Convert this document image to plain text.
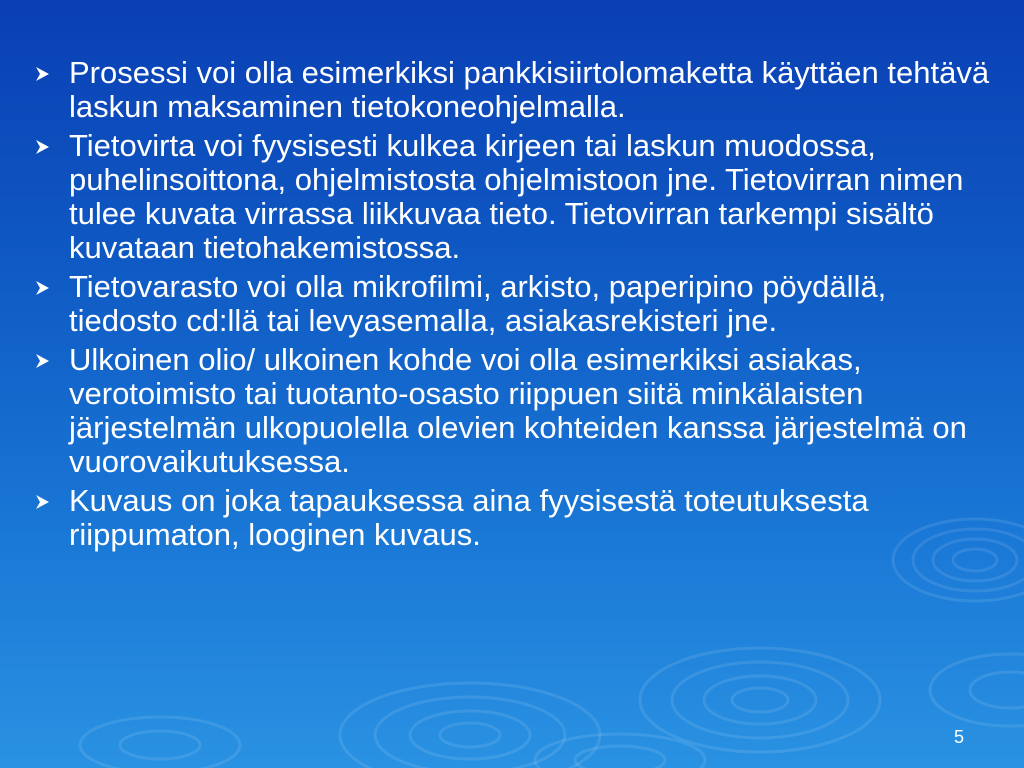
Prosessi voi olla esimerkiksi pankkisiirtolomaketta käyttäen tehtävä laskun maksaminen tietokoneohjelmalla.
Tietovirta voi fyysisesti kulkea kirjeen tai laskun muodossa, puhelinsoittona, ohjelmistosta ohjelmistoon jne. Tietovirran nimen tulee kuvata virrassa liikkuvaa tieto. Tietovirran tarkempi sisältö kuvataan tietohakemistossa.
Tietovarasto voi olla mikrofilmi, arkisto, paperipino pöydällä, tiedosto cd:llä tai levyasemalla, asiakasrekisteri jne.
Ulkoinen olio/ ulkoinen kohde voi olla esimerkiksi asiakas, verotoimisto tai tuotanto-osasto riippuen siitä minkälaisten järjestelmän ulkopuolella olevien kohteiden kanssa järjestelmä on vuorovaikutuksessa.
Kuvaus on joka tapauksessa aina fyysisestä toteutuksesta riippumaton, looginen kuvaus.
5
